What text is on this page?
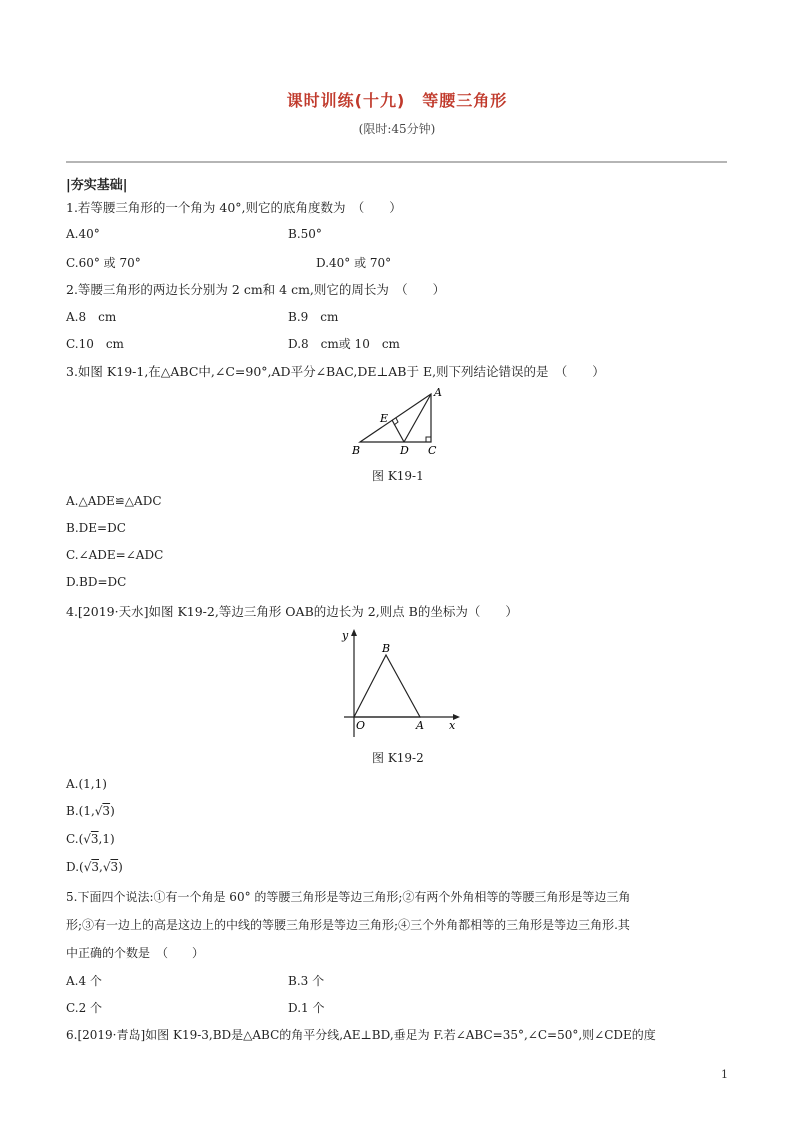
课时训练(十九)　等腰三角形
(限时:45分钟)
|夯实基础|
1.若等腰三角形的一个角为 40°,则它的底角度数为　（　　）
A.40°	B.50°
C.60° 或 70°	D.40° 或 70°
2.等腰三角形的两边长分别为 2 cm和 4 cm,则它的周长为　（　　）
A.8　cm	B.9　cm
C.10　cm	D.8　cm或 10　cm
3.如图 K19-1,在△ABC中,∠C=90°,AD平分∠BAC,DE⊥AB于 E,则下列结论错误的是　（　　）
A
B	C
D
E
图 K19-1
A.△ADE≌△ADC
B.DE=DC
C.∠ADE=∠ADC
D.BD=DC
4.[2019·天水]如图 K19-2,等边三角形 OAB的边长为 2,则点 B的坐标为（　　）
y
x
O	A
B
图 K19-2
A.(1,1)
B.(1,√3)
C.(√3,1)
D.(√3,√3)
5.下面四个说法:①有一个角是 60° 的等腰三角形是等边三角形;②有两个外角相等的等腰三角形是等边三角
形;③有一边上的高是这边上的中线的等腰三角形是等边三角形;④三个外角都相等的三角形是等边三角形.其
中正确的个数是　（　　）
A.4 个	B.3 个
C.2 个	D.1 个
6.[2019·青岛]如图 K19-3,BD是△ABC的角平分线,AE⊥BD,垂足为 F.若∠ABC=35°,∠C=50°,则∠CDE的度
1
